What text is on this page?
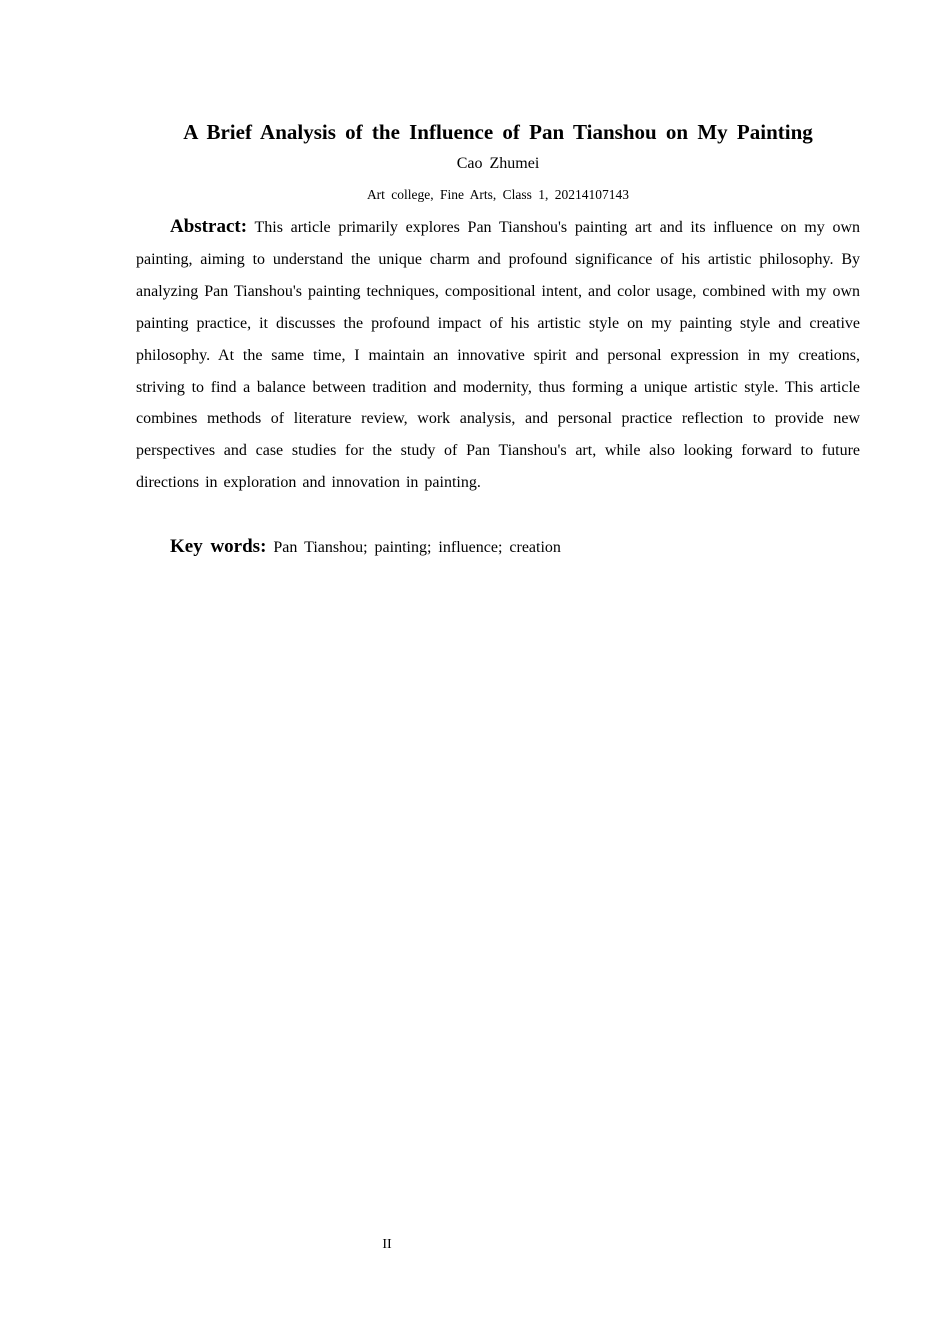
A Brief Analysis of the Influence of Pan Tianshou on My Painting
Cao Zhumei
Art college, Fine Arts, Class 1, 20214107143

Abstract: This article primarily explores Pan Tianshou's painting art and its influence on my own painting, aiming to understand the unique charm and profound significance of his artistic philosophy. By analyzing Pan Tianshou's painting techniques, compositional intent, and color usage, combined with my own painting practice, it discusses the profound impact of his artistic style on my painting style and creative philosophy. At the same time, I maintain an innovative spirit and personal expression in my creations, striving to find a balance between tradition and modernity, thus forming a unique artistic style. This article combines methods of literature review, work analysis, and personal practice reflection to provide new perspectives and case studies for the study of Pan Tianshou's art, while also looking forward to future directions in exploration and innovation in painting.

Key words: Pan Tianshou; painting; influence; creation

II
